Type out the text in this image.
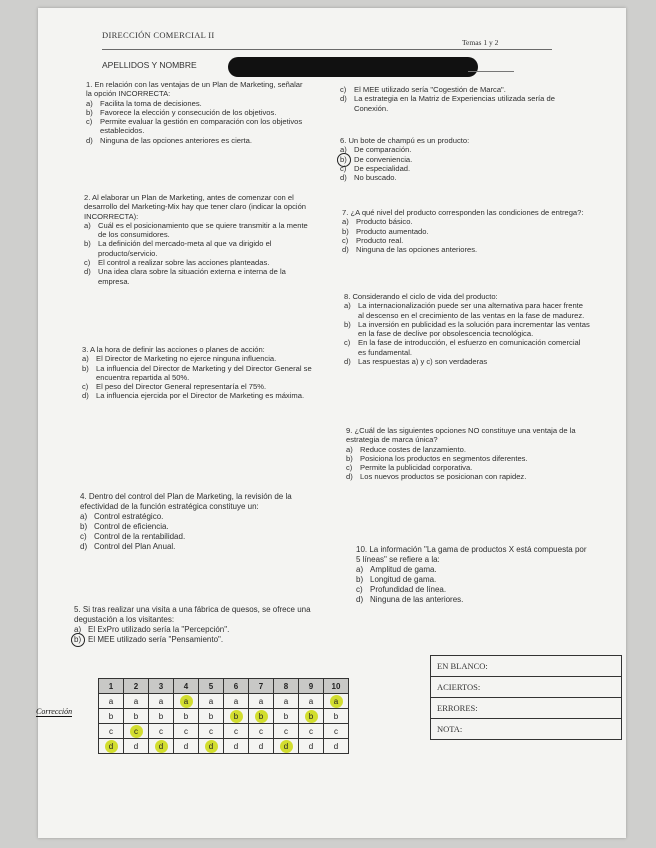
DIRECCIÓN COMERCIAL II
Temas 1 y 2
APELLIDOS Y NOMBRE

1. En relación con las ventajas de un Plan de Marketing, señalar la opción INCORRECTA:

a) Facilita la toma de decisiones.
b) Favorece la elección y consecución de los objetivos.
c)	Permite evaluar la gestión en comparación con los objetivos establecidos.
d) Ninguna de las opciones anteriores es cierta.

2. Al elaborar un Plan de Marketing, antes de comenzar con el desarrollo del Marketing-Mix hay que tener claro (indicar la opción INCORRECTA):

a) Cuál es el posicionamiento que se quiere transmitir a la mente de los consumidores.
b) La definición del mercado-meta al que va dirigido el producto/servicio.
c)	El control a realizar sobre las acciones planteadas.
d) Una idea clara sobre la situación externa e interna de la empresa.

3. A la hora de definir las acciones o planes de acción:

a) El Director de Marketing no ejerce ninguna influencia.
b) La influencia del Director de Marketing y del Director General se encuentra repartida al 50%.
c)	El peso del Director General representaría el 75%.
d) La influencia ejercida por el Director de Marketing es máxima.

4. Dentro del control del Plan de Marketing, la revisión de la efectividad de la función estratégica constituye un:

a) Control estratégico.
b) Control de eficiencia.
c) Control de la rentabilidad.
d) Control del Plan Anual.

5. Si tras realizar una visita a una fábrica de quesos, se ofrece una degustación a los visitantes:

a) El ExPro utilizado sería la "Percepción".
b) El MEE utilizado sería "Pensamiento".
c)	El MEE utilizado sería "Cogestión de Marca".
d) La estrategia en la Matriz de Experiencias utilizada sería de Conexión.

6. Un bote de champú es un producto:

a) De comparación.
b) De conveniencia.
c)	De especialidad.
d) No buscado.

7. ¿A qué nivel del producto corresponden las condiciones de entrega?:

a) Producto básico.
b) Producto aumentado.
c)	Producto real.
d) Ninguna de las opciones anteriores.

8. Considerando el ciclo de vida del producto:

a) La internacionalización puede ser una alternativa para hacer frente al descenso en el crecimiento de las ventas en la fase de madurez.
b) La inversión en publicidad es la solución para incrementar las ventas en la fase de declive por obsolescencia tecnológica.
c)	En la fase de introducción, el esfuerzo en comunicación comercial es fundamental.
d) Las respuestas a) y c) son verdaderas

9. ¿Cuál de las siguientes opciones NO constituye una ventaja de la estrategia de marca única?

a) Reduce costes de lanzamiento.
b) Posiciona los productos en segmentos diferentes.
c)	Permite la publicidad corporativa.
d) Los nuevos productos se posicionan con rapidez.

10. La información "La gama de productos X está compuesta por 5 líneas" se refiere a la:

a) Amplitud de gama.
b) Longitud de gama.
c) Profundidad de línea.
d) Ninguna de las anteriores.
Corrección
1	2	3	4	5	6	7	8	9	10
a	a	a	a	a	a	a	a	a	a
b	b	b	b	b	b	b	b	b	b
c	c	c	c	c	c	c	c	c	c
d	d	d	d	d	d	d	d	d	d
EN BLANCO:
ACIERTOS:
ERRORES:
NOTA:
